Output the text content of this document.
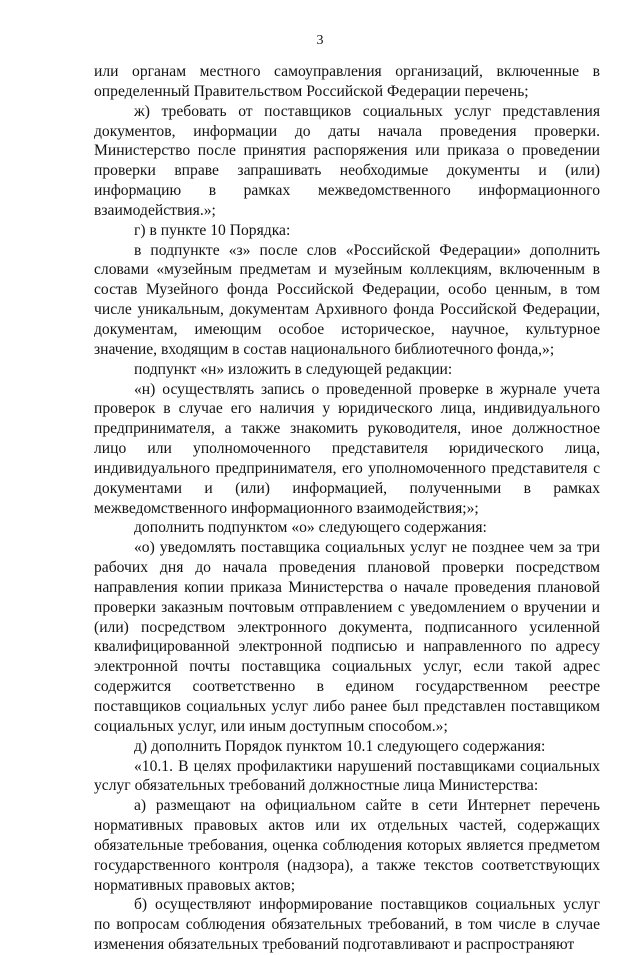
3

или органам местного самоуправления организаций, включенные в определенный Правительством Российской Федерации перечень;

ж) требовать от поставщиков социальных услуг представления документов, информации до даты начала проведения проверки. Министерство после принятия распоряжения или приказа о проведении проверки вправе запрашивать необходимые документы и (или) информацию в рамках межведомственного информационного взаимодействия.»;

г) в пункте 10 Порядка:

в подпункте «з» после слов «Российской Федерации» дополнить словами «музейным предметам и музейным коллекциям, включенным в состав Музейного фонда Российской Федерации, особо ценным, в том числе уникальным, документам Архивного фонда Российской Федерации, документам, имеющим особое историческое, научное, культурное значение, входящим в состав национального библиотечного фонда,»;

подпункт «н» изложить в следующей редакции:

«н) осуществлять запись о проведенной проверке в журнале учета проверок в случае его наличия у юридического лица, индивидуального предпринимателя, а также знакомить руководителя, иное должностное лицо или уполномоченного представителя юридического лица, индивидуального предпринимателя, его уполномоченного представителя с документами и (или) информацией, полученными в рамках межведомственного информационного взаимодействия;»;

дополнить подпунктом «о» следующего содержания:

«о) уведомлять поставщика социальных услуг не позднее чем за три рабочих дня до начала проведения плановой проверки посредством направления копии приказа Министерства о начале проведения плановой проверки заказным почтовым отправлением с уведомлением о вручении и (или) посредством электронного документа, подписанного усиленной квалифицированной электронной подписью и направленного по адресу электронной почты поставщика социальных услуг, если такой адрес содержится соответственно в едином государственном реестре поставщиков социальных услуг либо ранее был представлен поставщиком социальных услуг, или иным доступным способом.»;

д) дополнить Порядок пунктом 10.1 следующего содержания:

«10.1. В целях профилактики нарушений поставщиками социальных услуг обязательных требований должностные лица Министерства:

а) размещают на официальном сайте в сети Интернет перечень нормативных правовых актов или их отдельных частей, содержащих обязательные требования, оценка соблюдения которых является предметом государственного контроля (надзора), а также текстов соответствующих нормативных правовых актов;

б) осуществляют информирование поставщиков социальных услуг по вопросам соблюдения обязательных требований, в том числе в случае изменения обязательных требований подготавливают и распространяют
